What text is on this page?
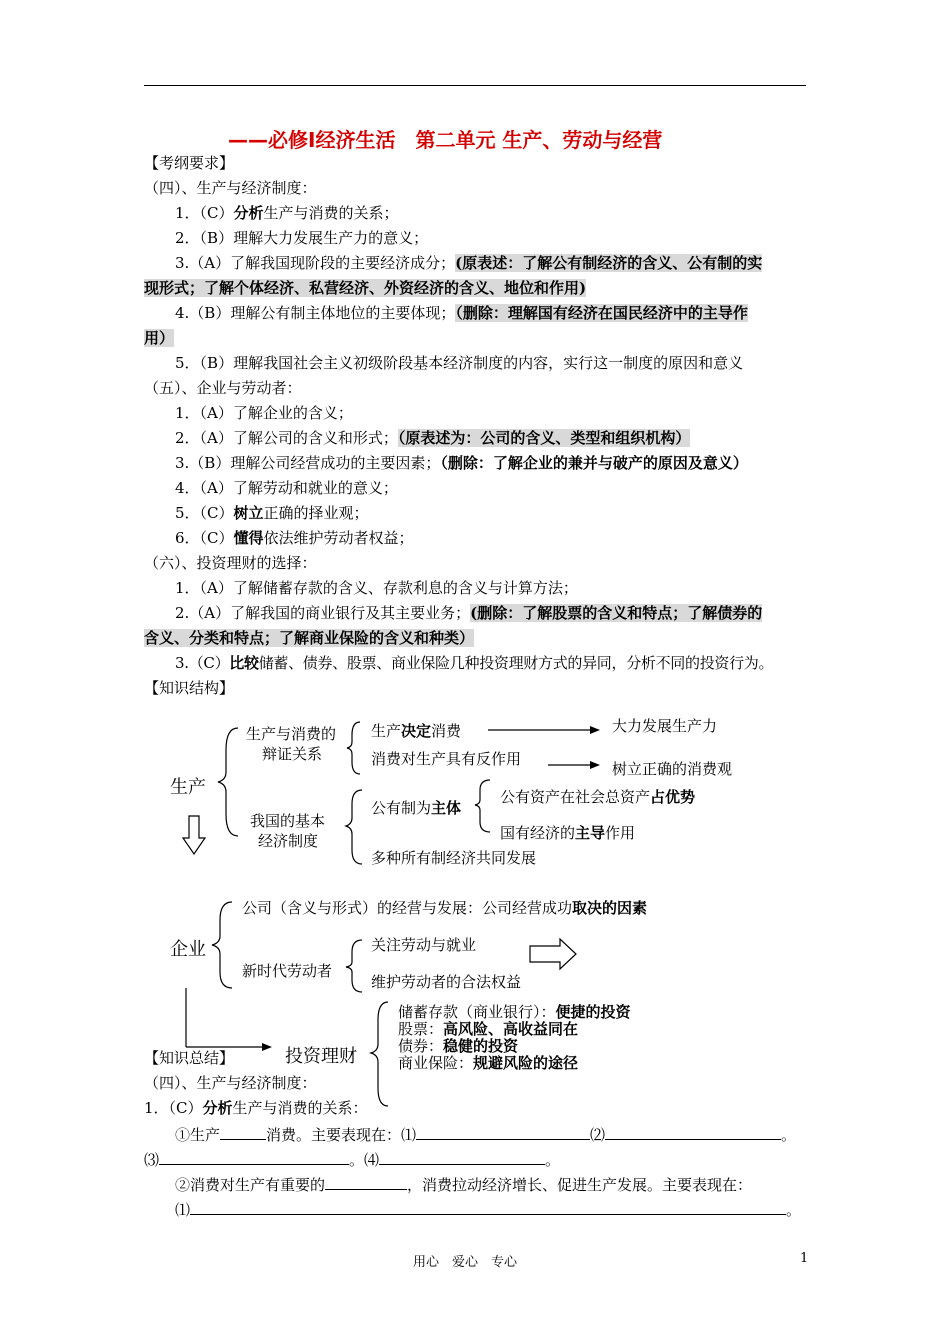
——必修Ⅰ经济生活　第二单元 生产、劳动与经营
【考纲要求】
（四）、生产与经济制度：
1．（C）分析生产与消费的关系；
2．（B）理解大力发展生产力的意义；
3.（A）了解我国现阶段的主要经济成分；(原表述：了解公有制经济的含义、公有制的实
现形式；了解个体经济、私营经济、外资经济的含义、地位和作用)
4.（B）理解公有制主体地位的主要体现；（删除：理解国有经济在国民经济中的主导作
用）
5．（B）理解我国社会主义初级阶段基本经济制度的内容，实行这一制度的原因和意义
（五）、企业与劳动者：
1．（A）了解企业的含义；
2．（A）了解公司的含义和形式；（原表述为：公司的含义、类型和组织机构）
3.（B）理解公司经营成功的主要因素；（删除：了解企业的兼并与破产的原因及意义）
4．（A）了解劳动和就业的意义；
5．（C）树立正确的择业观；
6．（C）懂得依法维护劳动者权益；
（六）、投资理财的选择：
1．（A）了解储蓄存款的含义、存款利息的含义与计算方法；
2.（A）了解我国的商业银行及其主要业务；(删除：了解股票的含义和特点；了解债券的
含义、分类和特点；了解商业保险的含义和种类）
3.（C）比较储蓄、债券、股票、商业保险几种投资理财方式的异同，分析不同的投资行为。
【知识结构】
生产
生产与消费的
辩证关系
生产决定消费
消费对生产具有反作用
大力发展生产力
树立正确的消费观
我国的基本
经济制度
公有制为主体
公有资产在社会总资产占优势
国有经济的主导作用
多种所有制经济共同发展
企业
公司（含义与形式）的经营与发展：公司经营成功取决的因素
新时代劳动者
关注劳动与就业
维护劳动者的合法权益
投资理财
储蓄存款（商业银行）：便捷的投资
股票：高风险、高收益同在
债券：稳健的投资
商业保险：规避风险的途径
【知识总结】
（四）、生产与经济制度：
1．（C）分析生产与消费的关系：
①生产	消费。主要表现在：⑴	⑵	。
⑶	。⑷	。
②消费对生产有重要的	，消费拉动经济增长、促进生产发展。主要表现在：
⑴	。
用心　爱心　专心	1
